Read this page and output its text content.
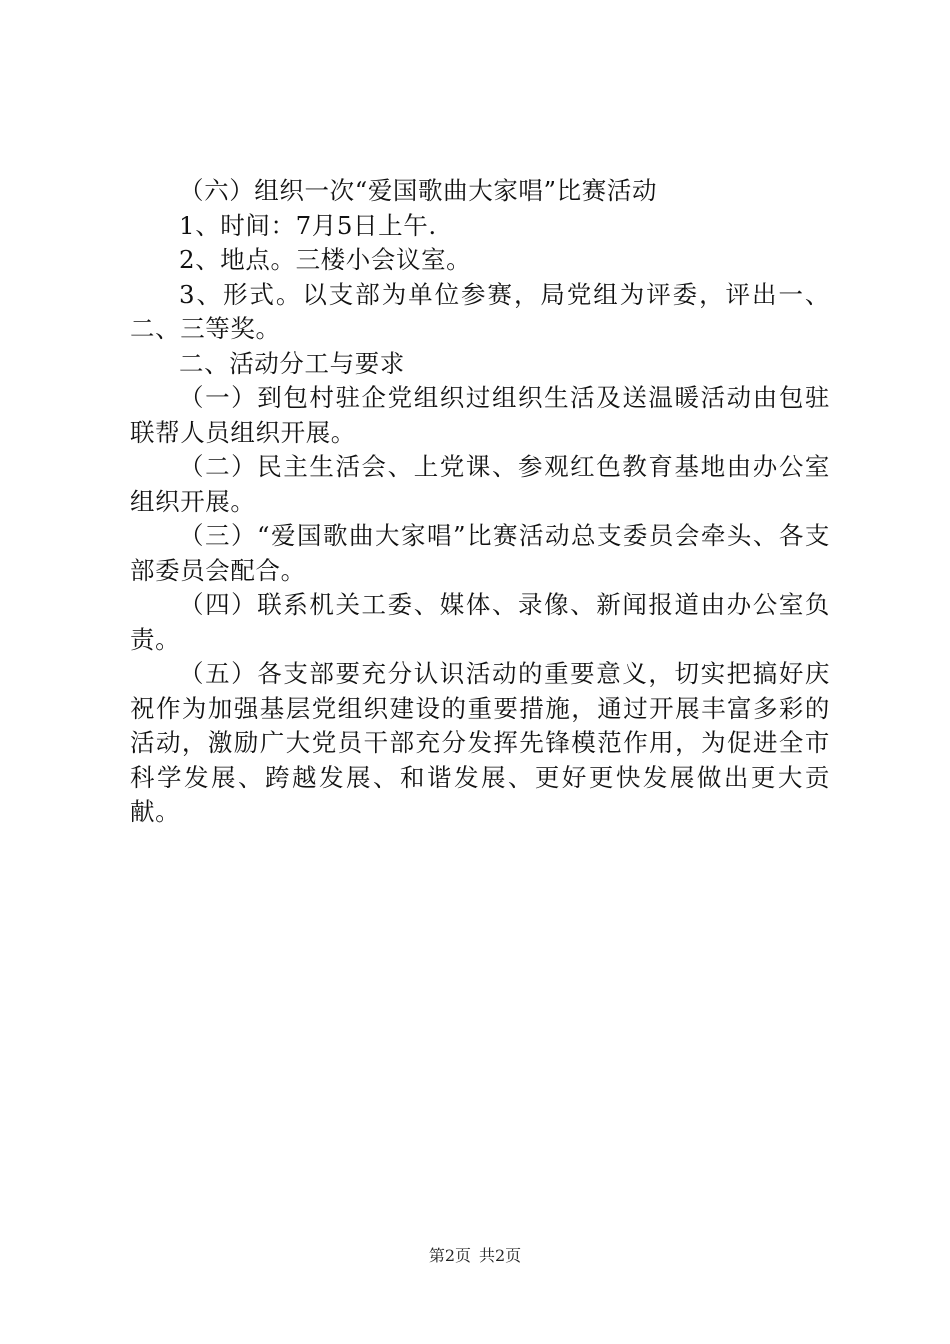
（六）组织一次“爱国歌曲大家唱”比赛活动

1、时间：7月5日上午.

2、地点。三楼小会议室。

3、形式。以支部为单位参赛，局党组为评委，评出一、二、三等奖。

二、活动分工与要求

（一）到包村驻企党组织过组织生活及送温暖活动由包驻联帮人员组织开展。

（二）民主生活会、上党课、参观红色教育基地由办公室组织开展。

（三）“爱国歌曲大家唱”比赛活动总支委员会牵头、各支部委员会配合。

（四）联系机关工委、媒体、录像、新闻报道由办公室负责。

（五）各支部要充分认识活动的重要意义，切实把搞好庆祝作为加强基层党组织建设的重要措施，通过开展丰富多彩的活动，激励广大党员干部充分发挥先锋模范作用，为促进全市科学发展、跨越发展、和谐发展、更好更快发展做出更大贡献。

第2页 共2页
